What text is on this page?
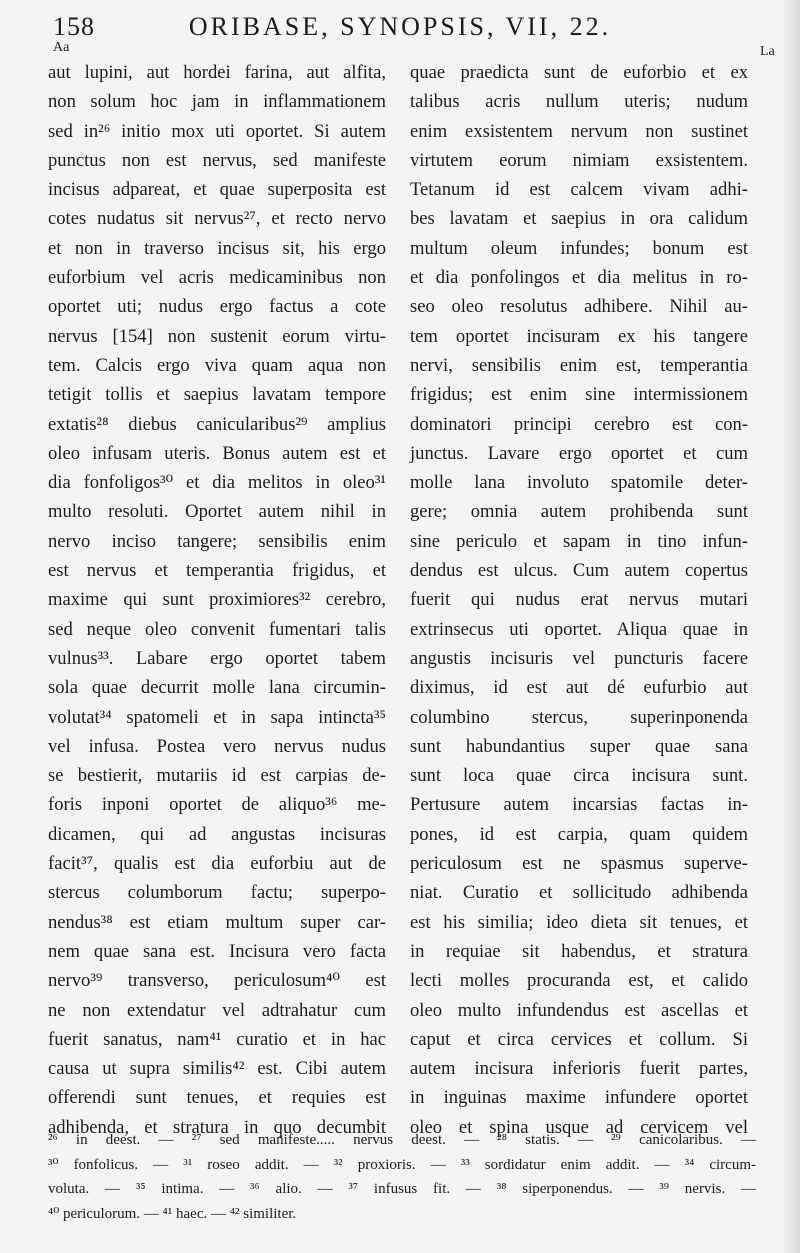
158	ORIBASE, SYNOPSIS, VII, 22.
Aa	La
aut lupini, aut hordei farina, aut alfita,
non solum hoc jam in inflammationem
sed in²⁶ initio mox uti oportet. Si autem
punctus non est nervus, sed manifeste
incisus adpareat, et quae superposita est
cotes nudatus sit nervus²⁷, et recto nervo
et non in traverso incisus sit, his ergo
euforbium vel acris medicaminibus non
oportet uti; nudus ergo factus a cote
nervus [154] non sustenit eorum virtu-
tem. Calcis ergo viva quam aqua non
tetigit tollis et saepius lavatam tempore
extatis²⁸ diebus canicularibus²⁹ amplius
oleo infusam uteris. Bonus autem est et
dia fonfoligos³⁰ et dia melitos in oleo³¹
multo resoluti. Oportet autem nihil in
nervo inciso tangere; sensibilis enim
est nervus et temperantia frigidus, et
maxime qui sunt proximiores³² cerebro,
sed neque oleo convenit fumentari talis
vulnus³³. Labare ergo oportet tabem
sola quae decurrit molle lana circumin-
volutat³⁴ spatomeli et in sapa intincta³⁵
vel infusa. Postea vero nervus nudus
se bestierit, mutariis id est carpias de-
foris inponi oportet de aliquo³⁶ me-
dicamen, qui ad angustas incisuras
facit³⁷, qualis est dia euforbiu aut de
stercus columborum factu; superpo-
nendus³⁸ est etiam multum super car-
nem quae sana est. Incisura vero facta
nervo³⁹ transverso, periculosum⁴⁰ est
ne non extendatur vel adtrahatur cum
fuerit sanatus, nam⁴¹ curatio et in hac
causa ut supra similis⁴² est. Cibi autem
offerendi sunt tenues, et requies est
adhibenda, et stratura in quo decumbit
quae praedicta sunt de euforbio et ex
talibus acris nullum uteris; nudum
enim exsistentem nervum non sustinet
virtutem eorum nimiam exsistentem.
Tetanum id est calcem vivam adhi-
bes lavatam et saepius in ora calidum
multum oleum infundes; bonum est
et dia ponfolingos et dia melitus in ro-
seo oleo resolutus adhibere. Nihil au-
tem oportet incisuram ex his tangere
nervi, sensibilis enim est, temperantia
frigidus; est enim sine intermissionem
dominatori principi cerebro est con-
junctus. Lavare ergo oportet et cum
molle lana involuto spatomile deter-
gere; omnia autem prohibenda sunt
sine periculo et sapam in tino infun-
dendus est ulcus. Cum autem copertus
fuerit qui nudus erat nervus mutari
extrinsecus uti oportet. Aliqua quae in
angustis incisuris vel puncturis facere
diximus, id est aut dé eufurbio aut
columbino stercus, superinponenda
sunt habundantius super quae sana
sunt loca quae circa incisura sunt.
Pertusure autem incarsias factas in-
pones, id est carpia, quam quidem
periculosum est ne spasmus superve-
niat. Curatio et sollicitudo adhibenda
est his similia; ideo dieta sit tenues, et
in requiae sit habendus, et stratura
lecti molles procuranda est, et calido
oleo multo infundendus est ascellas et
caput et circa cervices et collum. Si
autem incisura inferioris fuerit partes,
in inguinas maxime infundere oportet
oleo et spina usque ad cervicem vel
²⁶ in deest. — ²⁷ sed manifeste..... nervus deest. — ²⁸ statis. — ²⁹ canicolaribus. —
³⁰ fonfolicus. — ³¹ roseo addit. — ³² proxioris. — ³³ sordidatur enim addit. — ³⁴ circum-
voluta. — ³⁵ intima. — ³⁶ alio. — ³⁷ infusus fit. — ³⁸ siperponendus. — ³⁹ nervis. —
⁴⁰ periculorum. — ⁴¹ haec. — ⁴² similiter.
